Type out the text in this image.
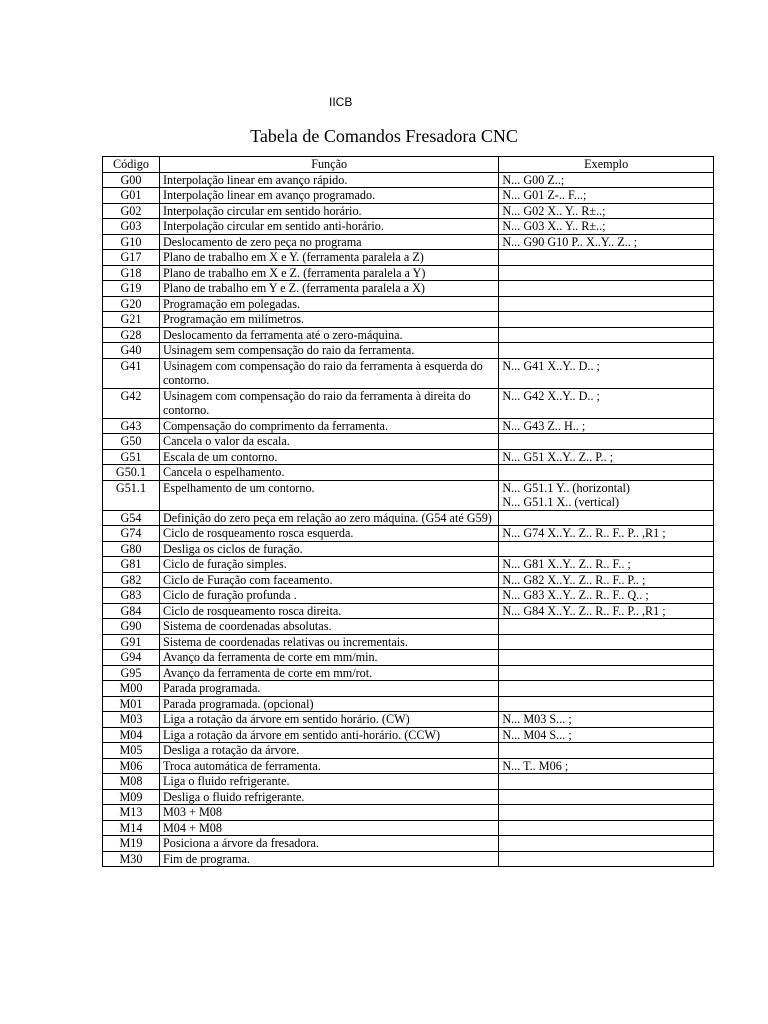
IICB
Tabela de Comandos Fresadora CNC
Código	Função	Exemplo
G00	Interpolação linear em avanço rápido.	N... G00 Z..;
G01	Interpolação linear em avanço programado.	N... G01 Z-.. F...;
G02	Interpolação circular em sentido horário.	N... G02 X.. Y.. R±..;
G03	Interpolação circular em sentido anti-horário.	N... G03 X.. Y.. R±..;
G10	Deslocamento de zero peça no programa	N... G90 G10 P.. X..Y.. Z.. ;
G17	Plano de trabalho em X e Y. (ferramenta paralela a Z)	
G18	Plano de trabalho em X e Z. (ferramenta paralela a Y)	
G19	Plano de trabalho em Y e Z. (ferramenta paralela a X)	
G20	Programação em polegadas.	
G21	Programação em milímetros.	
G28	Deslocamento da ferramenta até o zero-máquina.	
G40	Usinagem sem compensação do raio da ferramenta.	
G41	Usinagem com compensação do raio da ferramenta à esquerda do contorno.	N... G41 X..Y.. D.. ;
G42	Usinagem com compensação do raio da ferramenta à direita do contorno.	N... G42 X..Y.. D.. ;
G43	Compensação do comprimento da ferramenta.	N... G43 Z.. H.. ;
G50	Cancela o valor da escala.	
G51	Escala de um contorno.	N... G51 X..Y.. Z.. P.. ;
G50.1	Cancela o espelhamento.	
G51.1	Espelhamento de um contorno.	N... G51.1 Y.. (horizontal)
N... G51.1 X.. (vertical)
G54	Definição do zero peça em relação ao zero máquina. (G54 até G59)	
G74	Ciclo de rosqueamento rosca esquerda.	N... G74 X..Y.. Z.. R.. F.. P.. ,R1 ;
G80	Desliga os ciclos de furação.	
G81	Ciclo de furação simples.	N... G81 X..Y.. Z.. R.. F.. ;
G82	Ciclo de Furação com faceamento.	N... G82 X..Y.. Z.. R.. F.. P.. ;
G83	Ciclo de furação profunda .	N... G83 X..Y.. Z.. R.. F.. Q.. ;
G84	Ciclo de rosqueamento rosca direita.	N... G84 X..Y.. Z.. R.. F.. P.. ,R1 ;
G90	Sistema de coordenadas absolutas.	
G91	Sistema de coordenadas relativas ou incrementais.	
G94	Avanço da ferramenta de corte em mm/min.	
G95	Avanço da ferramenta de corte em mm/rot.	
M00	Parada programada.	
M01	Parada programada. (opcional)	
M03	Liga a rotação da árvore em sentido horário. (CW)	N... M03 S... ;
M04	Liga a rotação da árvore em sentido anti-horário. (CCW)	N... M04 S... ;
M05	Desliga a rotação da árvore.	
M06	Troca automática de ferramenta.	N... T.. M06 ;
M08	Liga o fluido refrigerante.	
M09	Desliga o fluido refrigerante.	
M13	M03 + M08	
M14	M04 + M08	
M19	Posiciona a árvore da fresadora.	
M30	Fim de programa.	
